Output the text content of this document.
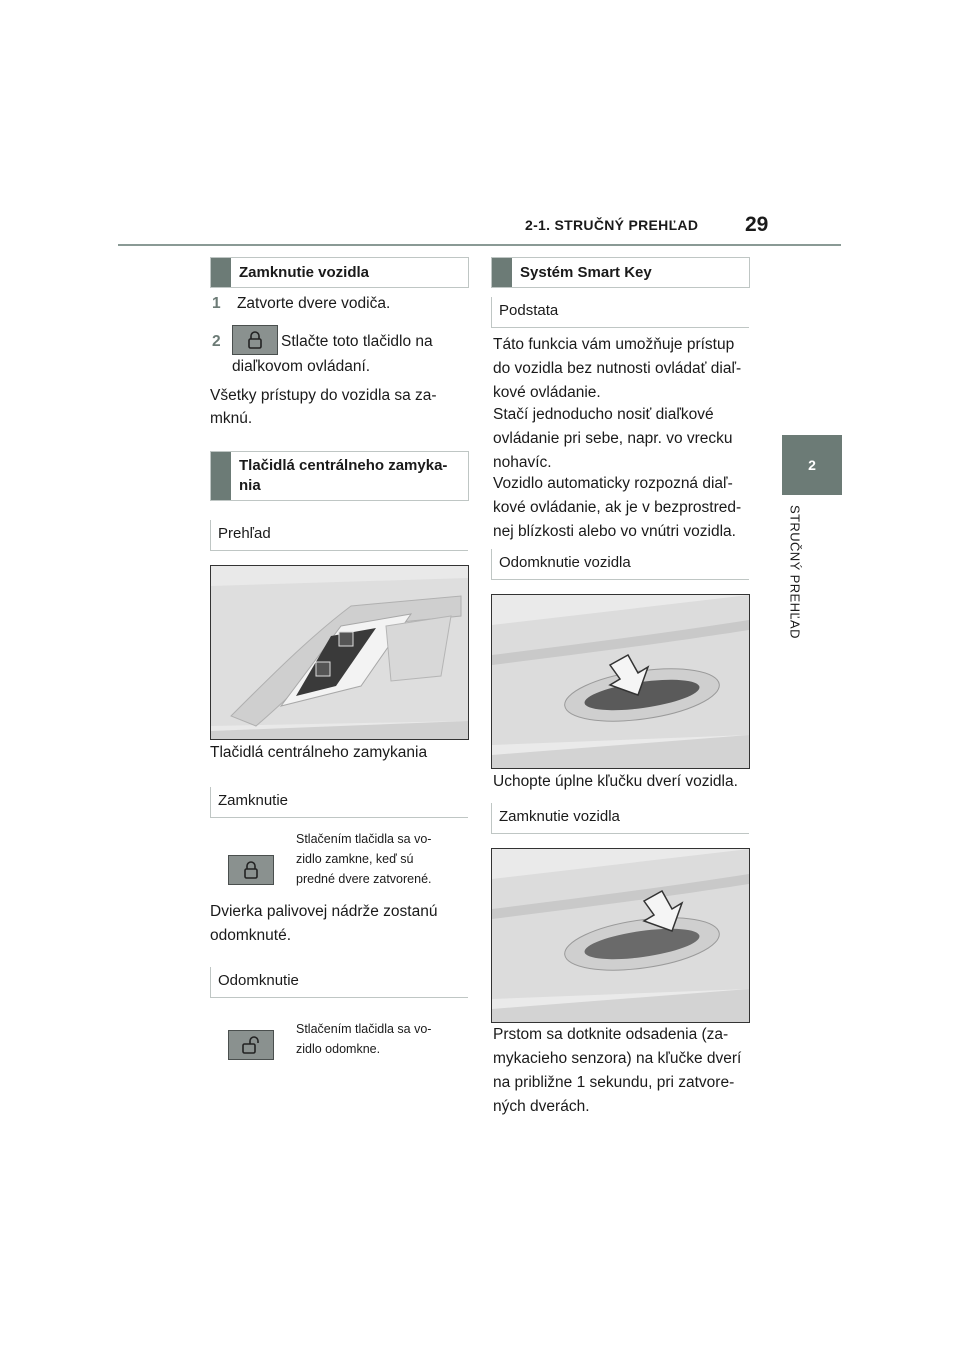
2-1. STRUČNÝ PREHĽAD 29
2
STRUČNÝ PREHĽAD
Zamknutie vozidla
1 Zatvorte dvere vodiča.
2	Stlačte toto tlačidlo na
diaľkovom ovládaní.
Všetky prístupy do vozidla sa za-
mknú.
Tlačidlá centrálneho zamyka-
nia
Prehľad
Tlačidlá centrálneho zamykania
Zamknutie
Stlačením tlačidla sa vo-
zidlo zamkne, keď sú
predné dvere zatvorené.
Dvierka palivovej nádrže zostanú
odomknuté.
Odomknutie
Stlačením tlačidla sa vo-
zidlo odomkne.
Systém Smart Key
Podstata
Táto funkcia vám umožňuje prístup
do vozidla bez nutnosti ovládať diaľ-
kové ovládanie.
Stačí jednoducho nosiť diaľkové
ovládanie pri sebe, napr. vo vrecku
nohavíc.
Vozidlo automaticky rozpozná diaľ-
kové ovládanie, ak je v bezprostred-
nej blízkosti alebo vo vnútri vozidla.
Odomknutie vozidla
Uchopte úplne kľučku dverí vozidla.
Zamknutie vozidla
Prstom sa dotknite odsadenia (za-
mykacieho senzora) na kľučke dverí
na približne 1 sekundu, pri zatvore-
ných dverách.
